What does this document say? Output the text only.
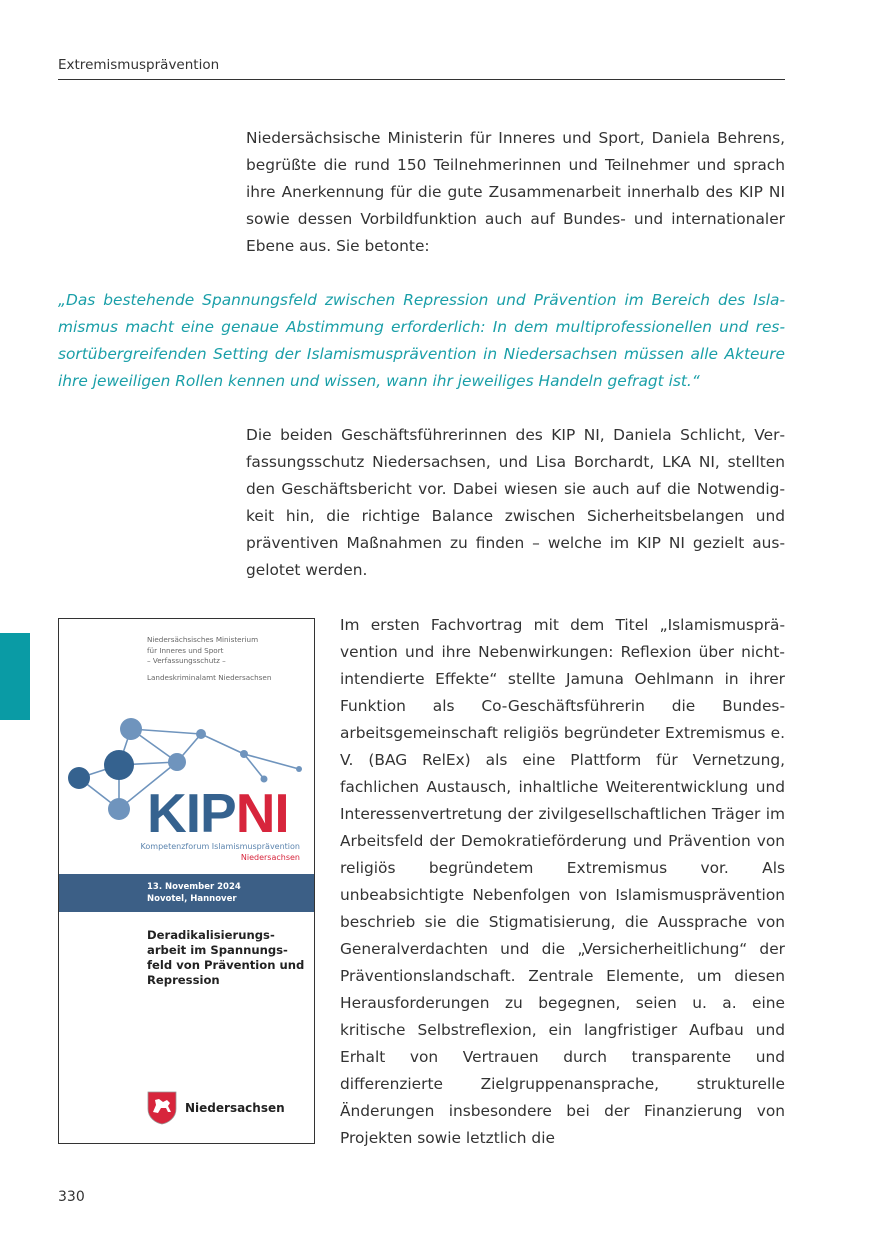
Extremismusprävention

Niedersächsische Ministerin für Inneres und Sport, Daniela Behrens, begrüßte die rund 150 Teilnehmerinnen und Teilnehmer und sprach ihre Anerkennung für die gute Zusammenarbeit innerhalb des KIP NI sowie dessen Vorbildfunktion auch auf Bundes- und internationaler Ebene aus. Sie betonte:

„Das bestehende Spannungsfeld zwischen Repression und Prävention im Bereich des Islamismus macht eine genaue Abstimmung erforderlich: In dem multiprofessionellen und ressortübergreifenden Setting der Islamismusprävention in Niedersachsen müssen alle Akteure ihre jeweiligen Rollen kennen und wissen, wann ihr jeweiliges Handeln gefragt ist.“

Die beiden Geschäftsführerinnen des KIP NI, Daniela Schlicht, Verfassungsschutz Niedersachsen, und Lisa Borchardt, LKA NI, stellten den Geschäftsbericht vor. Dabei wiesen sie auch auf die Notwendigkeit hin, die richtige Balance zwischen Sicherheitsbelangen und präventiven Maßnahmen zu finden – welche im KIP NI gezielt ausgelotet werden.

Niedersächsisches Ministerium
für Inneres und Sport
– Verfassungsschutz –
Landeskriminalamt Niedersachsen
KIPNI
Kompetenzforum Islamismusprävention
Niedersachsen
13. November 2024
Novotel, Hannover
Deradikalisierungsarbeit im Spannungsfeld von Prävention und Repression
Niedersachsen

Im ersten Fachvortrag mit dem Titel „Islamismusprävention und ihre Nebenwirkungen: Reflexion über nicht-intendierte Effekte“ stellte Jamuna Oehlmann in ihrer Funktion als Co-Geschäftsführerin die Bundesarbeitsgemeinschaft religiös begründeter Extremismus e. V. (BAG RelEx) als eine Plattform für Vernetzung, fachlichen Austausch, inhaltliche Weiterentwicklung und Interessenvertretung der zivilgesellschaftlichen Träger im Arbeitsfeld der Demokratieförderung und Prävention von religiös begründetem Extremismus vor. Als unbeabsichtigte Nebenfolgen von Islamismusprävention beschrieb sie die Stigmatisierung, die Aussprache von Generalverdachten und die „Versicherheitlichung“ der Präventionslandschaft. Zentrale Elemente, um diesen Herausforderungen zu begegnen, seien u. a. eine kritische Selbstreflexion, ein langfristiger Aufbau und Erhalt von Vertrauen durch transparente und differenzierte Zielgruppenansprache, strukturelle Änderungen insbesondere bei der Finanzierung von Projekten sowie letztlich die

330
